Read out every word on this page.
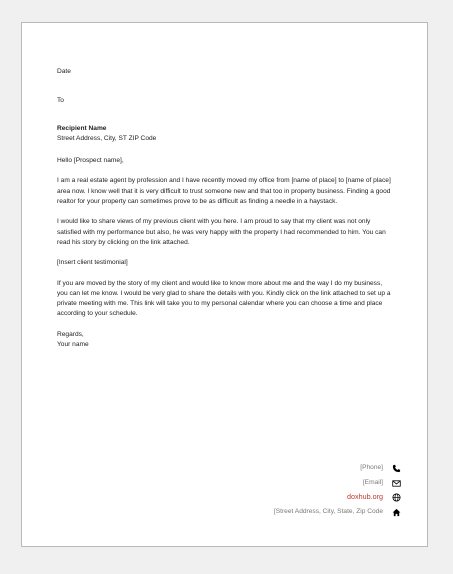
Date

To

Recipient Name

Street Address, City, ST ZIP Code

Hello [Prospect name],

I am a real estate agent by profession and I have recently moved my office from [name of place] to [name of place] area now. I know well that it is very difficult to trust someone new and that too in property business. Finding a good realtor for your property can sometimes prove to be as difficult as finding a needle in a haystack.

I would like to share views of my previous client with you here. I am proud to say that my client was not only satisfied with my performance but also, he was very happy with the property I had recommended to him. You can read his story by clicking on the link attached.

[Insert client testimonial]

If you are moved by the story of my client and would like to know more about me and the way I do my business, you can let me know. I would be very glad to share the details with you. Kindly click on the link attached to set up a private meeting with me. This link will take you to my personal calendar where you can choose a time and place according to your schedule.

Regards,

Your name

[Phone]
[Email]
doxhub.org
[Street Address, City, State, Zip Code
